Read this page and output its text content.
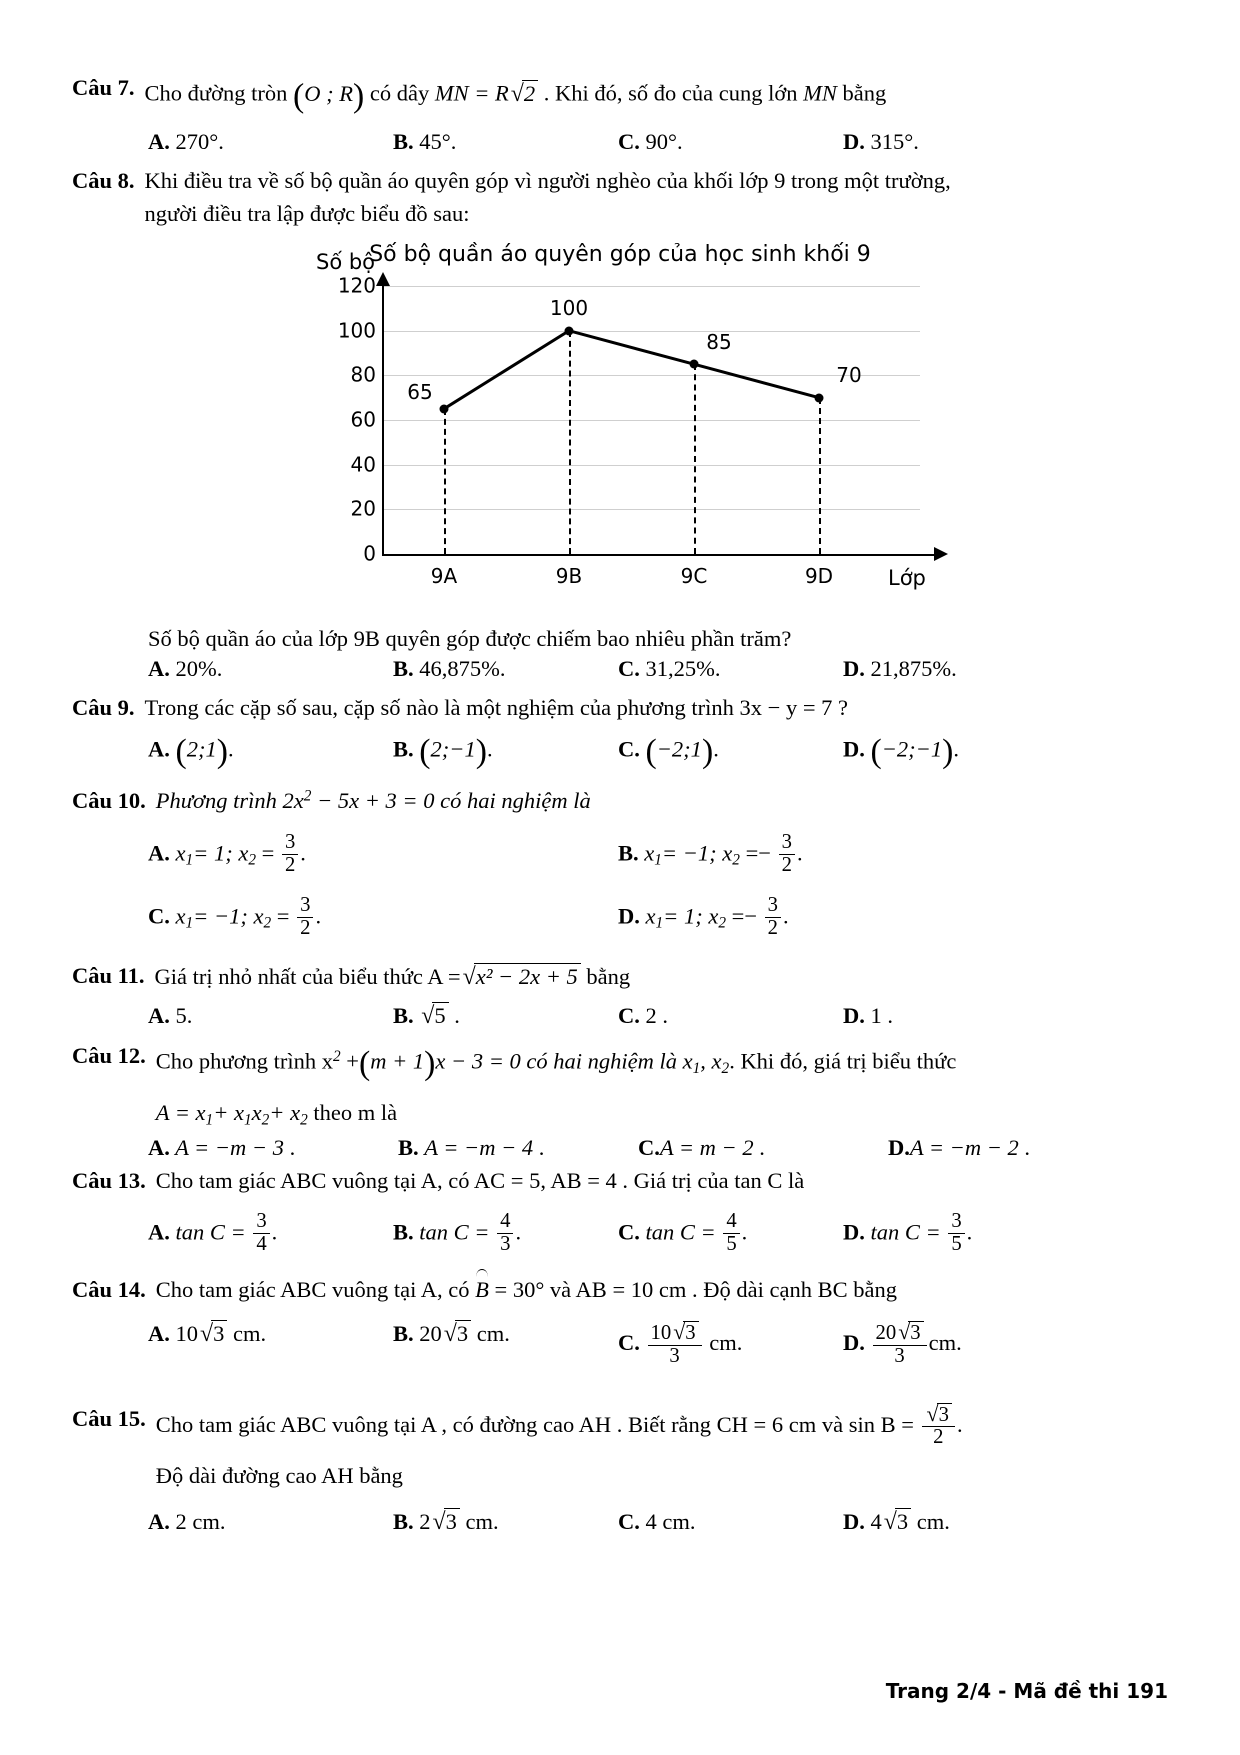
Câu 7. Cho đường tròn (O ; R) có dây MN = R√2 . Khi đó, số đo của cung lớn MN bằng
A. 270°.	B. 45°.	C. 90°.	D. 315°.
Câu 8. Khi điều tra về số bộ quần áo quyên góp vì người nghèo của khối lớp 9 trong một trường,
người điều tra lập được biểu đồ sau:
Số bộ quần áo quyên góp của học sinh khối 9
Số bộ
120
100
80
60
40
20
0
65
100
85
70
9A	9B	9C	9D	Lớp
Số bộ quần áo của lớp 9B quyên góp được chiếm bao nhiêu phần trăm?
A. 20%.	B. 46,875%.	C. 31,25%.	D. 21,875%.
Câu 9. Trong các cặp số sau, cặp số nào là một nghiệm của phương trình 3x − y = 7 ?
A. (2;1).	B. (2;−1).	C. (−2;1).	D. (−2;−1).
Câu 10. Phương trình $2x^2 - 5x + 3 = 0$ có hai nghiệm là
A. $x_1= 1$; $x_2 = \frac{3}{2}$ .	B. $x_1= -1$; $x_2 =- \frac{3}{2}$ .
C. $x_1= -1$; $x_2 = \frac{3}{2}$ .	D. $x_1= 1$; $x_2 =- \frac{3}{2}$ .
Câu 11. Giá trị nhỏ nhất của biểu thức A =√x² − 2x + 5 bằng
A. 5.	B. √5 .	C. 2 .	D. 1 .
Câu 12. Cho phương trình $x^2 +(m + 1)x - 3 = 0$ có hai nghiệm là $x_1$, $x_2$. Khi đó, giá trị biểu thức
$A = x_1+ x_1x_2+ x_2$ theo m là
A. A = −m − 3 .	B. A = −m − 4 .	C.A = m − 2 .	D.A = −m − 2 .
Câu 13. Cho tam giác ABC vuông tại A, có AC = 5, AB = 4 . Giá trị của tan C là
A. $\tan C = \frac{3}{4}$ .	B. $\tan C = \frac{4}{3}$ .	C. $\tan C = \frac{4}{5}$ .	D. $\tan C = \frac{3}{5}$ .
Câu 14. Cho tam giác ABC vuông tại A, có B = 30° và AB = 10 cm . Độ dài cạnh BC bằng
A. 10√3 cm.	B. 20√3 cm.	C. $\frac{10√3}{3}$ cm.	D. $\frac{20√3}{3}$ cm.
Câu 15. Cho tam giác ABC vuông tại A , có đường cao AH . Biết rằng CH = 6 cm và $\sin B = \frac{√3}{2}$ .
Độ dài đường cao AH bằng
A. 2 cm.	B. 2√3 cm.	C. 4 cm.	D. 4√3 cm.
Trang 2/4 - Mã đề thi 191
